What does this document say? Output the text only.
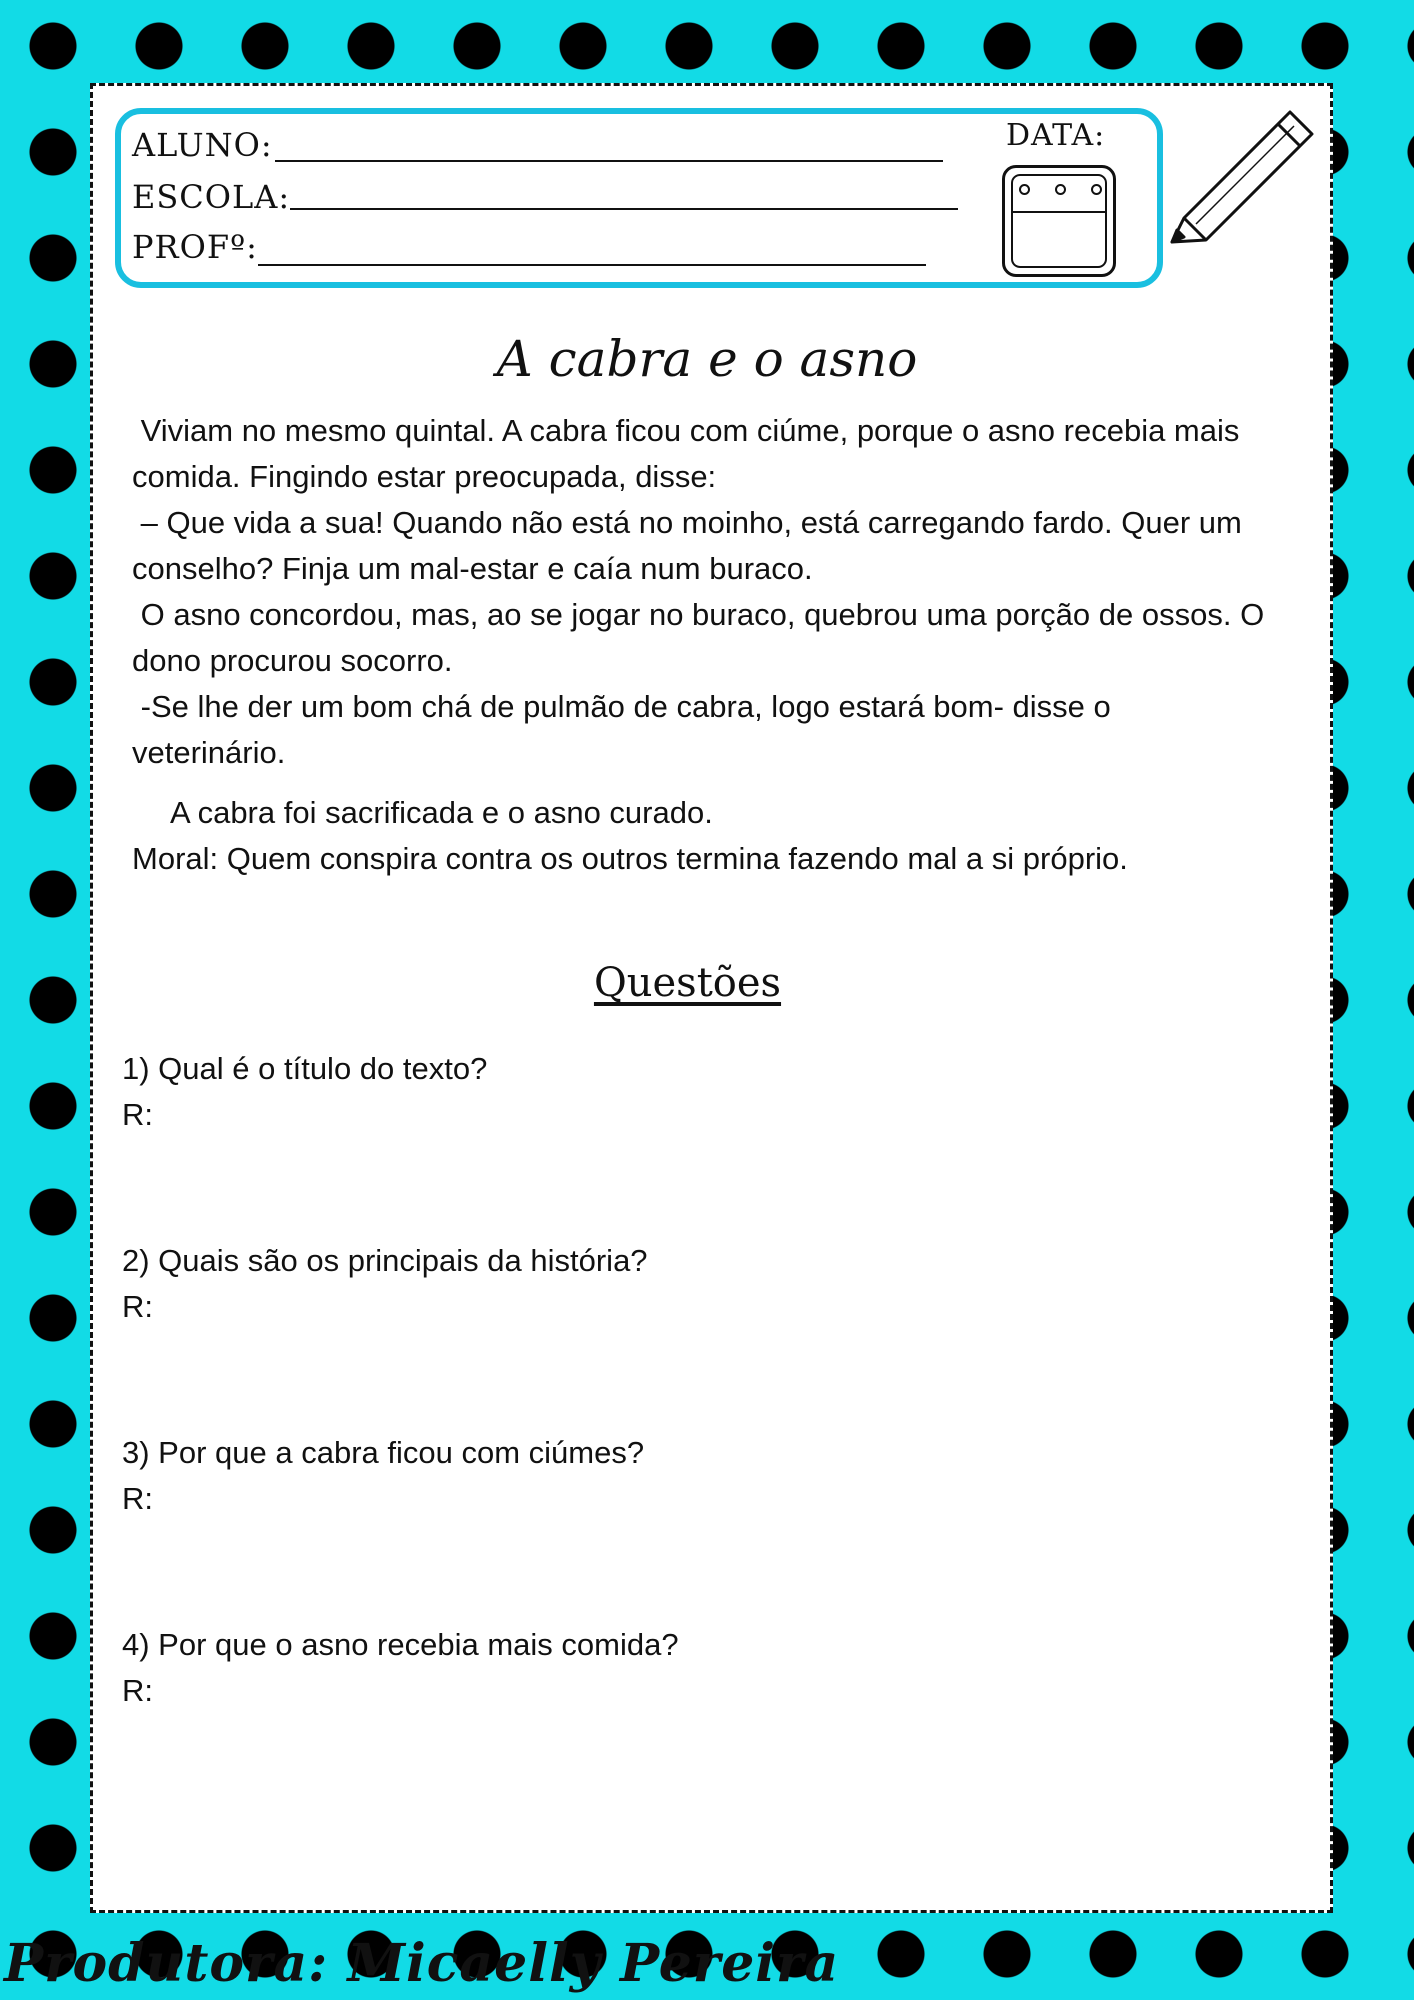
ALUNO:
ESCOLA:
PROFº:
DATA:
A cabra e o asno

Viviam no mesmo quintal. A cabra ficou com ciúme, porque o asno recebia mais comida. Fingindo estar preocupada, disse:

– Que vida a sua! Quando não está no moinho, está carregando fardo. Quer um conselho? Finja um mal-estar e caía num buraco.

O asno concordou, mas, ao se jogar no buraco, quebrou uma porção de ossos. O dono procurou socorro.

-Se lhe der um bom chá de pulmão de cabra, logo estará bom- disse o veterinário.

A cabra foi sacrificada e o asno curado.

Moral: Quem conspira contra os outros termina fazendo mal a si próprio.

Questões
1) Qual é o título do texto?
R:
2) Quais são os principais da história?
R:
3) Por que a cabra ficou com ciúmes?
R:
4) Por que o asno recebia mais comida?
R:
Produtora: Micaelly Pereira
